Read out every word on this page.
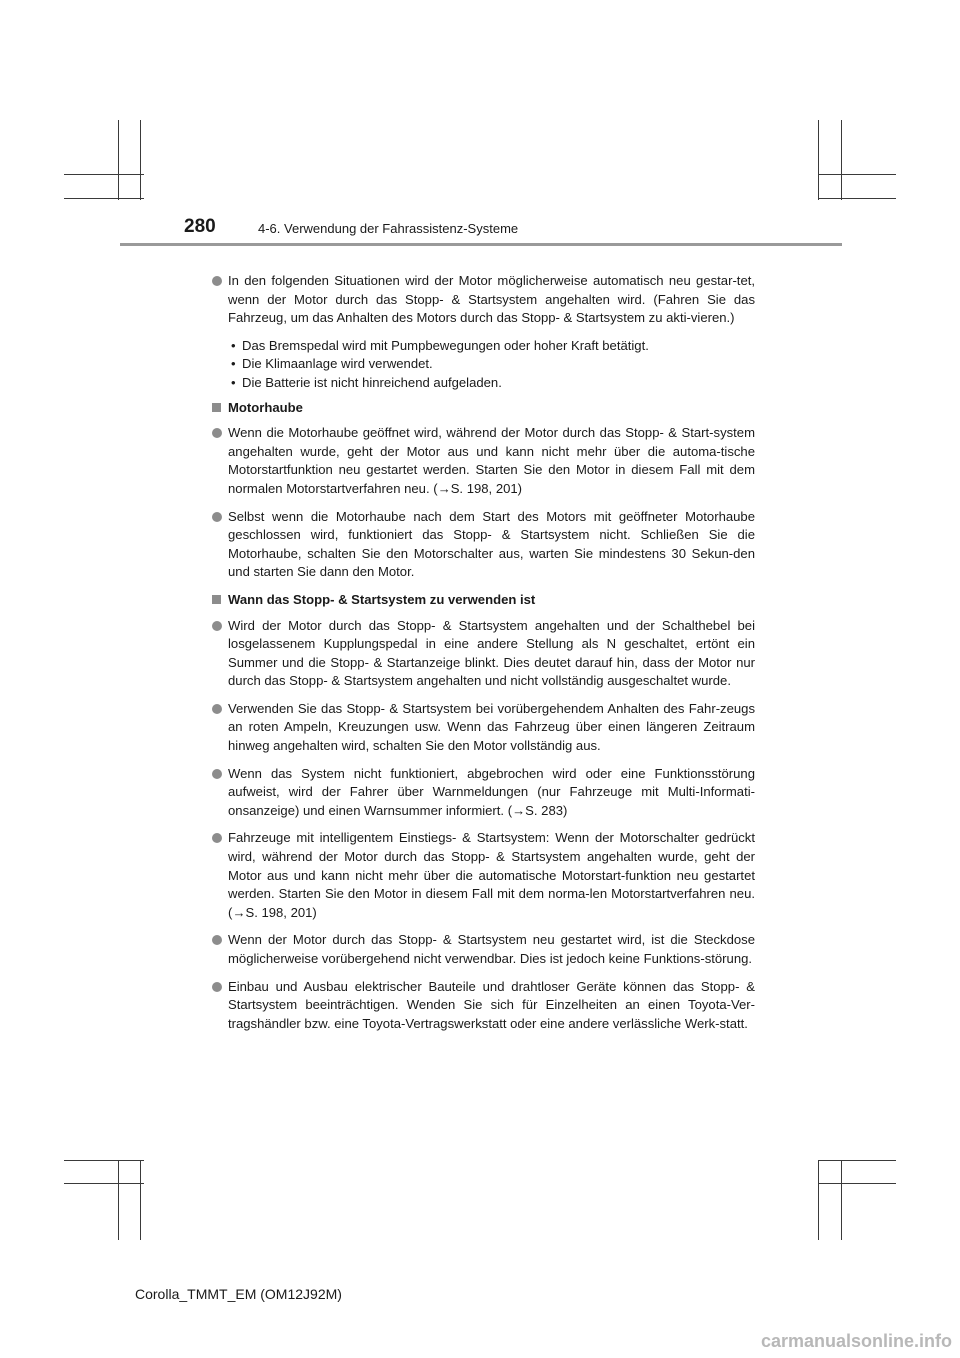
280	4-6. Verwendung der Fahrassistenz-Systeme
In den folgenden Situationen wird der Motor möglicherweise automatisch neu gestar-tet, wenn der Motor durch das Stopp- & Startsystem angehalten wird. (Fahren Sie das Fahrzeug, um das Anhalten des Motors durch das Stopp- & Startsystem zu akti-vieren.)
• Das Bremspedal wird mit Pumpbewegungen oder hoher Kraft betätigt.
• Die Klimaanlage wird verwendet.
• Die Batterie ist nicht hinreichend aufgeladen.
Motorhaube
Wenn die Motorhaube geöffnet wird, während der Motor durch das Stopp- & Start-system angehalten wurde, geht der Motor aus und kann nicht mehr über die automa-tische Motorstartfunktion neu gestartet werden. Starten Sie den Motor in diesem Fall mit dem normalen Motorstartverfahren neu. (→S. 198, 201)
Selbst wenn die Motorhaube nach dem Start des Motors mit geöffneter Motorhaube geschlossen wird, funktioniert das Stopp- & Startsystem nicht. Schließen Sie die Motorhaube, schalten Sie den Motorschalter aus, warten Sie mindestens 30 Sekun-den und starten Sie dann den Motor.
Wann das Stopp- & Startsystem zu verwenden ist
Wird der Motor durch das Stopp- & Startsystem angehalten und der Schalthebel bei losgelassenem Kupplungspedal in eine andere Stellung als N geschaltet, ertönt ein Summer und die Stopp- & Startanzeige blinkt. Dies deutet darauf hin, dass der Motor nur durch das Stopp- & Startsystem angehalten und nicht vollständig ausgeschaltet wurde.
Verwenden Sie das Stopp- & Startsystem bei vorübergehendem Anhalten des Fahr-zeugs an roten Ampeln, Kreuzungen usw. Wenn das Fahrzeug über einen längeren Zeitraum hinweg angehalten wird, schalten Sie den Motor vollständig aus.
Wenn das System nicht funktioniert, abgebrochen wird oder eine Funktionsstörung aufweist, wird der Fahrer über Warnmeldungen (nur Fahrzeuge mit Multi-Informati-onsanzeige) und einen Warnsummer informiert. (→S. 283)
Fahrzeuge mit intelligentem Einstiegs- & Startsystem: Wenn der Motorschalter gedrückt wird, während der Motor durch das Stopp- & Startsystem angehalten wurde, geht der Motor aus und kann nicht mehr über die automatische Motorstart-funktion neu gestartet werden. Starten Sie den Motor in diesem Fall mit dem norma-len Motorstartverfahren neu. (→S. 198, 201)
Wenn der Motor durch das Stopp- & Startsystem neu gestartet wird, ist die Steckdose möglicherweise vorübergehend nicht verwendbar. Dies ist jedoch keine Funktions-störung.
Einbau und Ausbau elektrischer Bauteile und drahtloser Geräte können das Stopp- & Startsystem beeinträchtigen. Wenden Sie sich für Einzelheiten an einen Toyota-Ver-tragshändler bzw. eine Toyota-Vertragswerkstatt oder eine andere verlässliche Werk-statt.
Corolla_TMMT_EM (OM12J92M)
carmanualsonline.info
